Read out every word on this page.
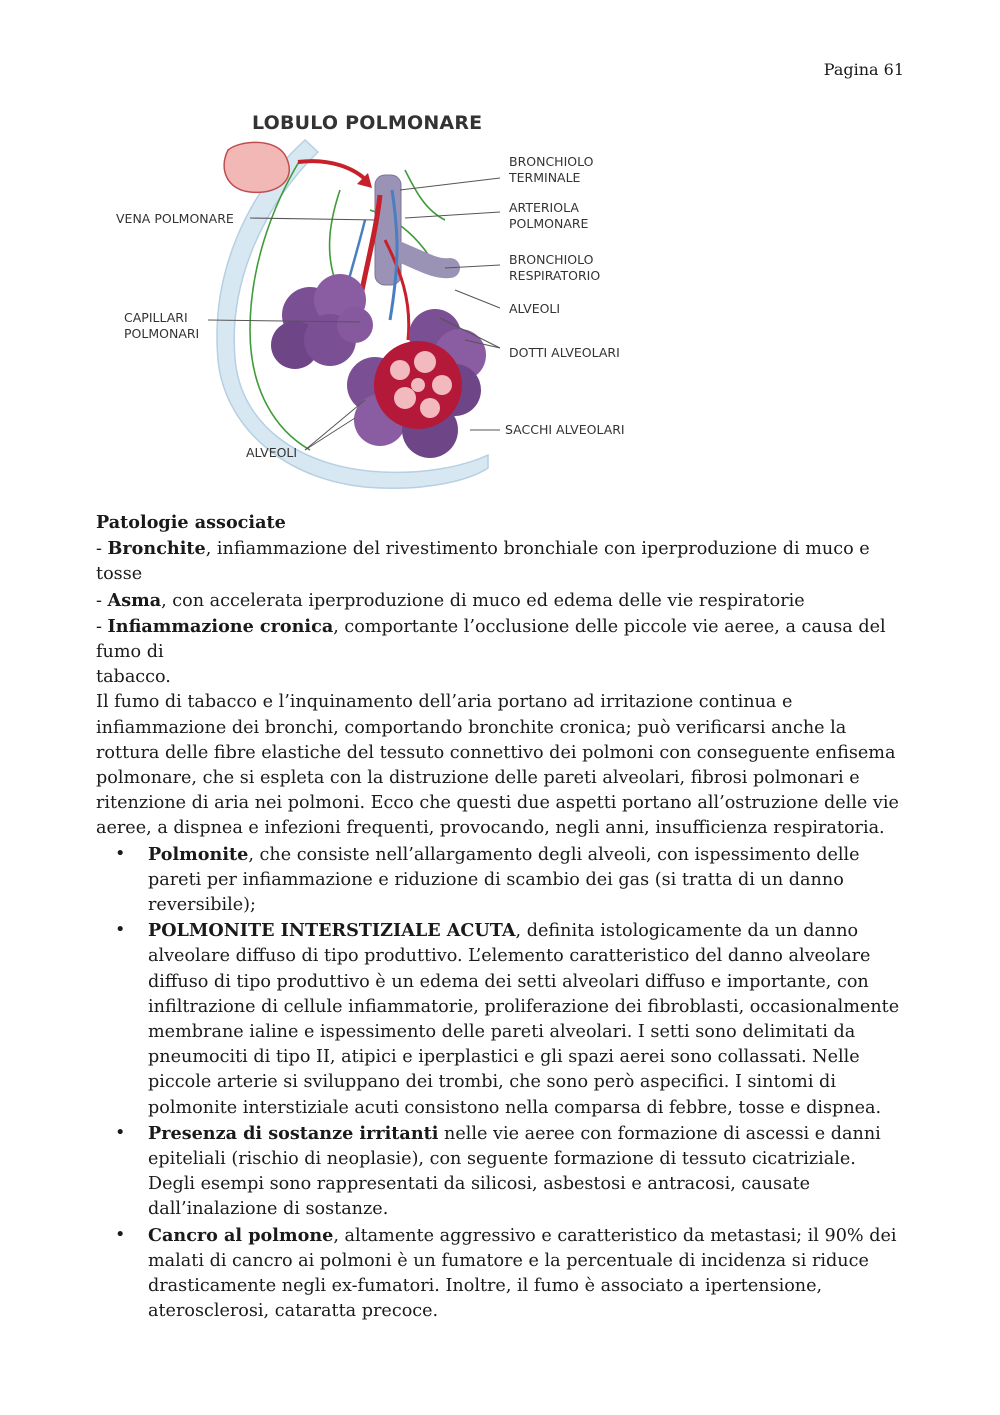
Pagina 61
LOBULO POLMONARE
BRONCHIOLO
TERMINALE
ARTERIOLA
POLMONARE
BRONCHIOLO
RESPIRATORIO
ALVEOLI
DOTTI ALVEOLARI
SACCHI ALVEOLARI
VENA POLMONARE
CAPILLARI
POLMONARI
ALVEOLI

Patologie associate

- Bronchite, infiammazione del rivestimento bronchiale con iperproduzione di muco e tosse

- Asma, con accelerata iperproduzione di muco ed edema delle vie respiratorie

- Infiammazione cronica, comportante l’occlusione delle piccole vie aeree, a causa del fumo di

tabacco.

Il fumo di tabacco e l’inquinamento dell’aria portano ad irritazione continua e infiammazione dei bronchi, comportando bronchite cronica; può verificarsi anche la rottura delle fibre elastiche del tessuto connettivo dei polmoni con conseguente enfisema polmonare, che si espleta con la distruzione delle pareti alveolari, fibrosi polmonari e ritenzione di aria nei polmoni. Ecco che questi due aspetti portano all’ostruzione delle vie aeree, a dispnea e infezioni frequenti, provocando, negli anni, insufficienza respiratoria.

• Polmonite, che consiste nell’allargamento degli alveoli, con ispessimento delle pareti per infiammazione e riduzione di scambio dei gas (si tratta di un danno reversibile);
• POLMONITE INTERSTIZIALE ACUTA, definita istologicamente da un danno alveolare diffuso di tipo produttivo. L’elemento caratteristico del danno alveolare diffuso di tipo produttivo è un edema dei setti alveolari diffuso e importante, con infiltrazione di cellule infiammatorie, proliferazione dei fibroblasti, occasionalmente membrane ialine e ispessimento delle pareti alveolari. I setti sono delimitati da pneumociti di tipo II, atipici e iperplastici e gli spazi aerei sono collassati. Nelle piccole arterie si sviluppano dei trombi, che sono però aspecifici. I sintomi di polmonite interstiziale acuti consistono nella comparsa di febbre, tosse e dispnea.
• Presenza di sostanze irritanti nelle vie aeree con formazione di ascessi e danni epiteliali (rischio di neoplasie), con seguente formazione di tessuto cicatriziale. Degli esempi sono rappresentati da silicosi, asbestosi e antracosi, causate dall’inalazione di sostanze.
• Cancro al polmone, altamente aggressivo e caratteristico da metastasi; il 90% dei malati di cancro ai polmoni è un fumatore e la percentuale di incidenza si riduce drasticamente negli ex-fumatori. Inoltre, il fumo è associato a ipertensione, aterosclerosi, cataratta precoce.
